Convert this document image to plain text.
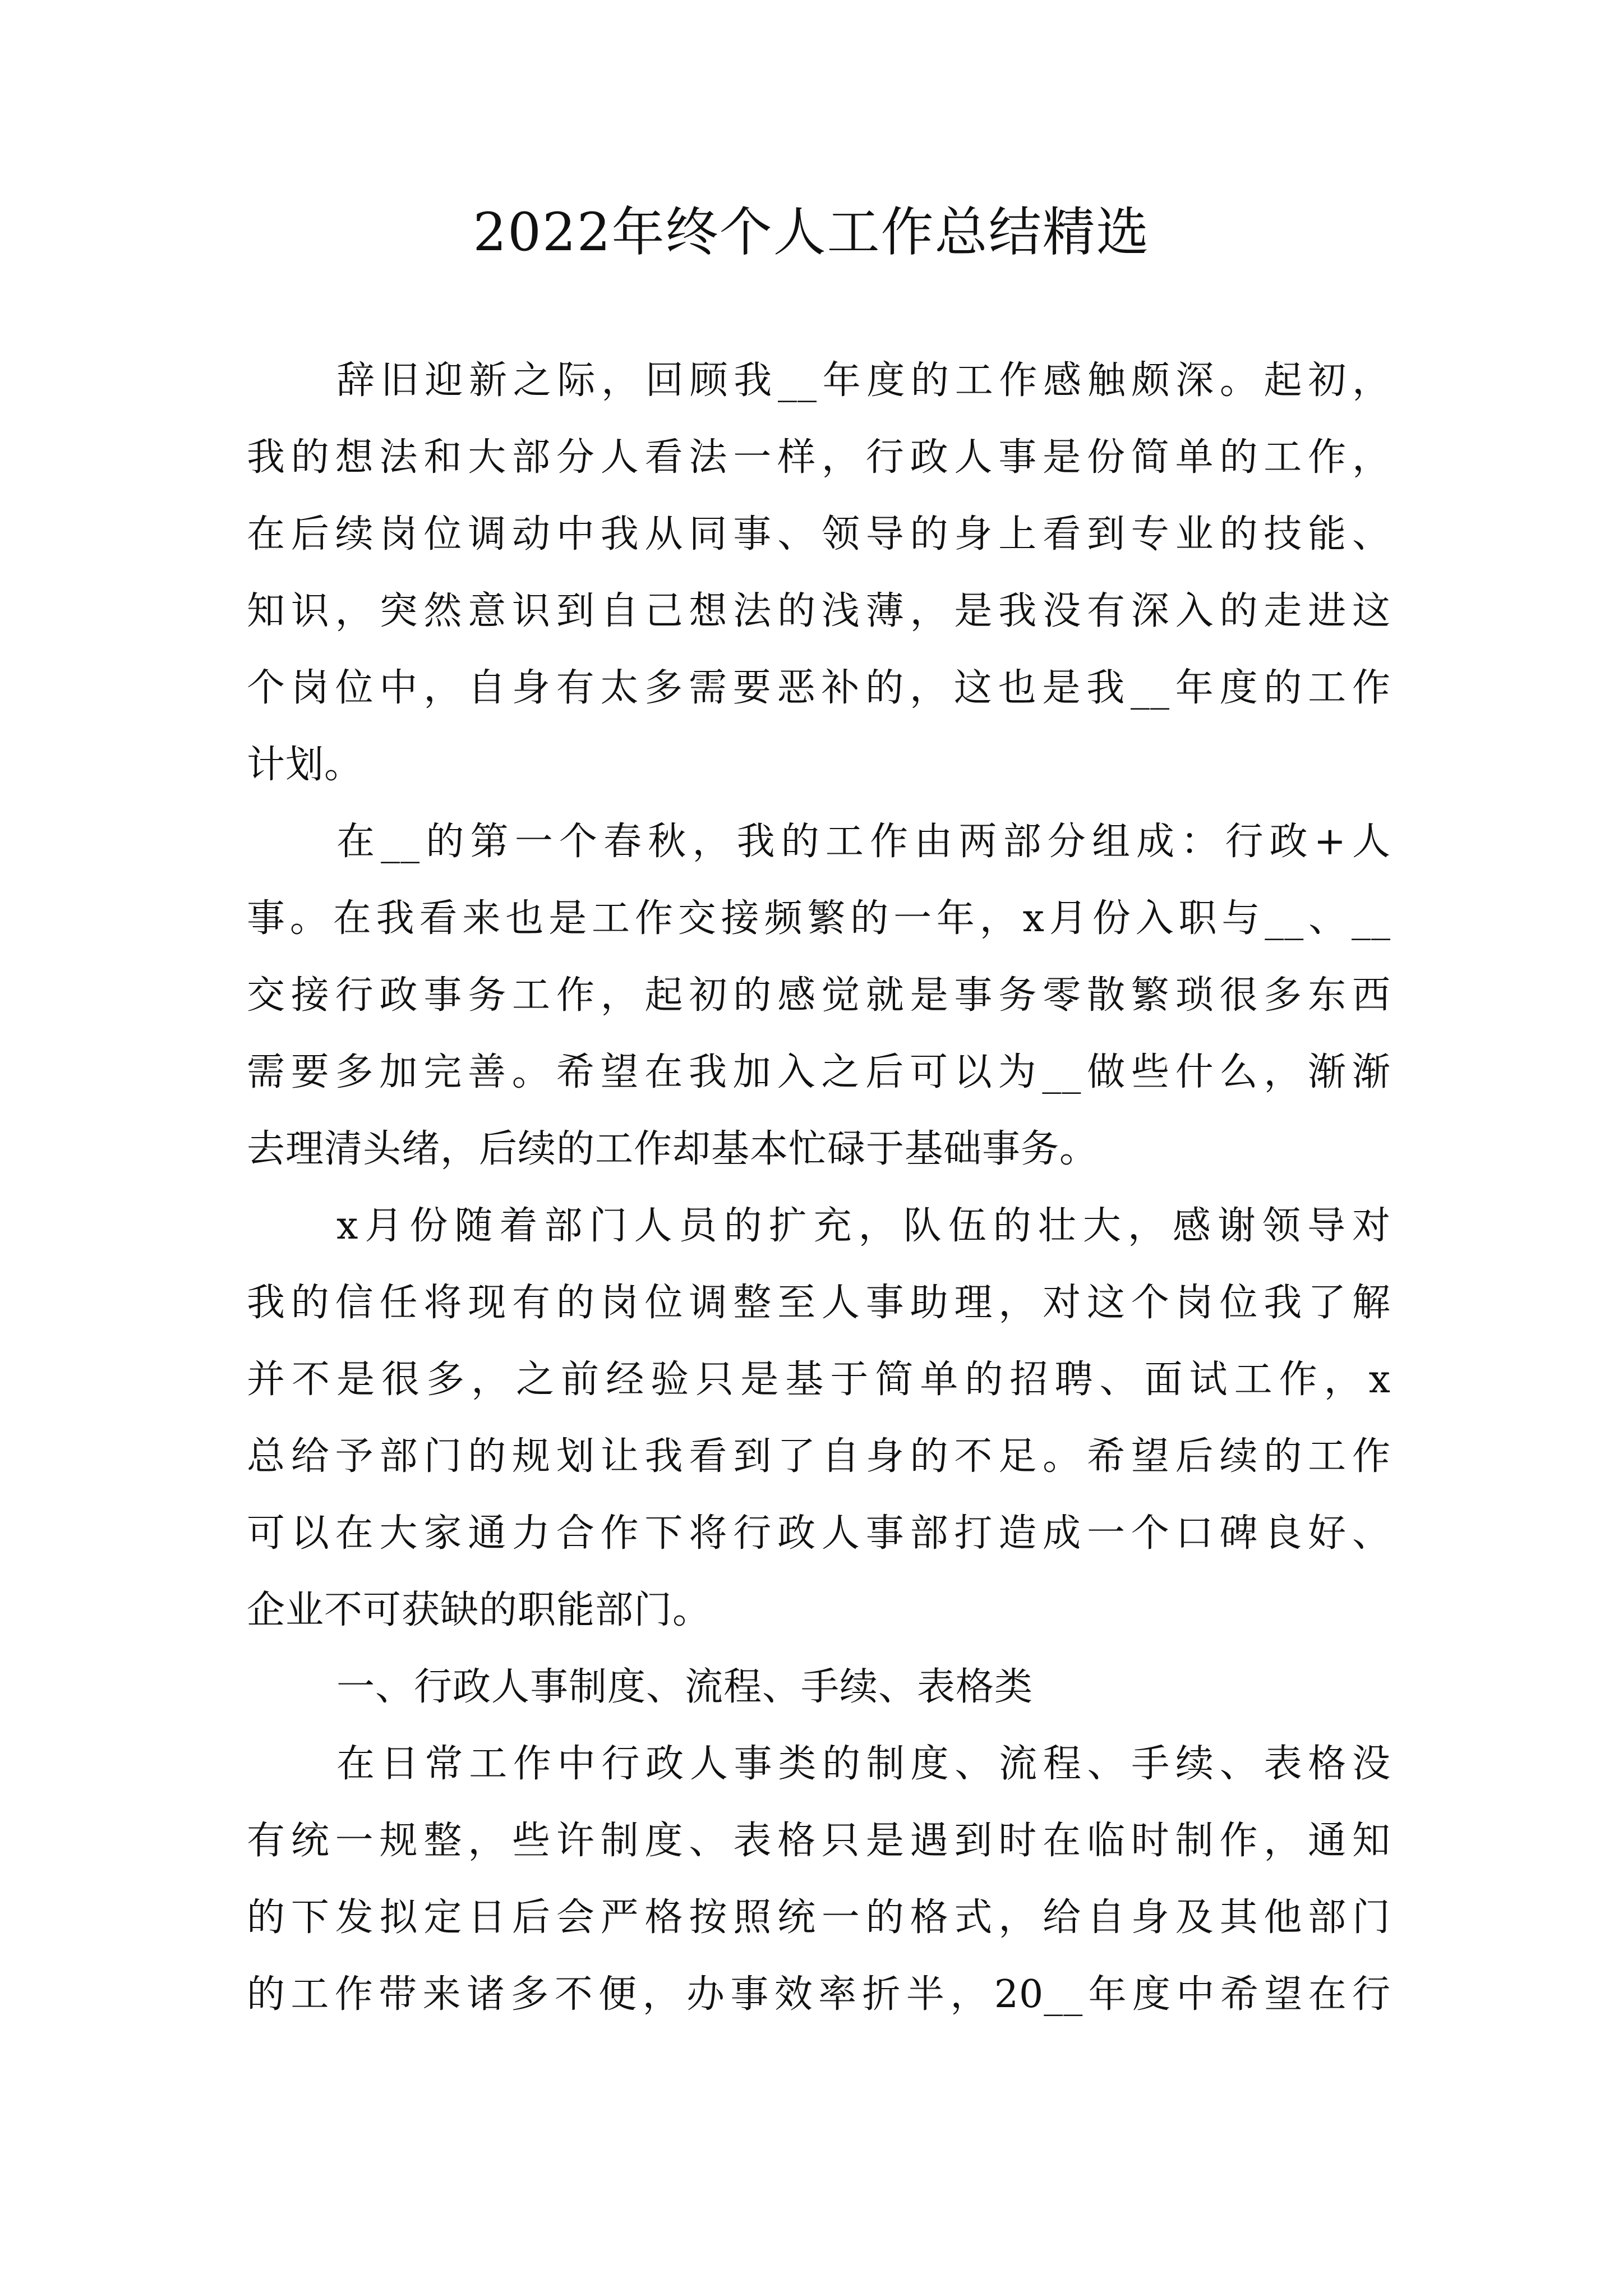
2022年终个人工作总结精选
辞旧迎新之际，回顾我__年度的工作感触颇深。起初，
我的想法和大部分人看法一样，行政人事是份简单的工作，
在后续岗位调动中我从同事、领导的身上看到专业的技能、
知识，突然意识到自己想法的浅薄，是我没有深入的走进这
个岗位中，自身有太多需要恶补的，这也是我__年度的工作
计划。
在__的第一个春秋，我的工作由两部分组成：行政+人
事。在我看来也是工作交接频繁的一年，x月份入职与__、__
交接行政事务工作，起初的感觉就是事务零散繁琐很多东西
需要多加完善。希望在我加入之后可以为__做些什么，渐渐
去理清头绪，后续的工作却基本忙碌于基础事务。
x月份随着部门人员的扩充，队伍的壮大，感谢领导对
我的信任将现有的岗位调整至人事助理，对这个岗位我了解
并不是很多，之前经验只是基于简单的招聘、面试工作，x
总给予部门的规划让我看到了自身的不足。希望后续的工作
可以在大家通力合作下将行政人事部打造成一个口碑良好、
企业不可获缺的职能部门。
一、行政人事制度、流程、手续、表格类
在日常工作中行政人事类的制度、流程、手续、表格没
有统一规整，些许制度、表格只是遇到时在临时制作，通知
的下发拟定日后会严格按照统一的格式，给自身及其他部门
的工作带来诸多不便，办事效率折半，20__年度中希望在行
